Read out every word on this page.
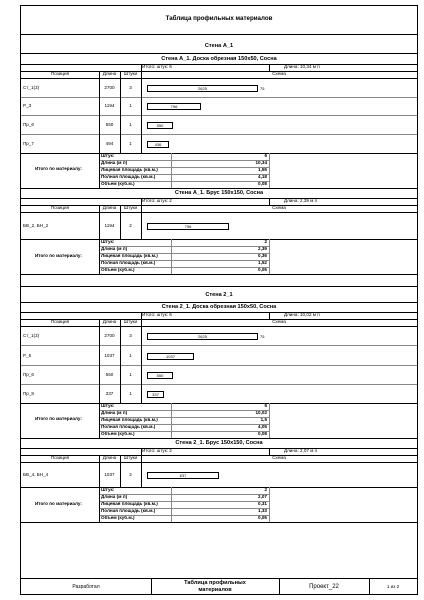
Таблица профильных материалов
Стена А_1
Стена А_1. Доска обрезная 150х50, Сосна
Итого: штук: 6	Длина: 10,34 м п
Позиция	Длина	Штуки	Схема
Ст_1(3)	2700	3	2625	75
Р_3	1194	1	796
Пр_6	550	1	550
Пр_7	494	1	436
Итого по материалу:
Штук:	6
Длина (м п)	10,34
Лицевая площадь (кв.м.)	1,55
Полная площадь (кв.м.)	4,18
Объем (куб.м.)	0,08
Стена А_1. Брус 150х150, Сосна
Итого: штук: 2	Длина: 2,39 м п
Позиция	Длина	Штуки	Схема
БВ_2, БН_2	1194	2	796
Итого по материалу:
Штук:	2
Длина (м п)	2,39
Лицевая площадь (кв.м.)	0,36
Полная площадь (кв.м.)	1,52
Объем (куб.м.)	0,05
Стена 2_1
Стена 2_1. Доска обрезная 150х50, Сосна
Итого: штук: 6	Длина: 10,02 м п
Позиция	Длина	Штуки	Схема
Ст_1(3)	2700	3	2625	75
Р_5	1037	1	1037
Пр_6	550	1	550
Пр_8	337	1	337
Итого по материалу:
Штук:	6
Длина (м п)	10,02
Лицевая площадь (кв.м.)	1,5
Полная площадь (кв.м.)	4,05
Объем (куб.м.)	0,08
Стена 2_1. Брус 150х150, Сосна
Итого: штук: 2	Длина: 2,07 м п
Позиция	Длина	Штуки	Схема
БВ_4, БН_4	1037	2	637
Итого по материалу:
Штук:	2
Длина (м п)	2,07
Лицевая площадь (кв.м.)	0,31
Полная площадь (кв.м.)	1,33
Объем (куб.м.)	0,05
Разработал
Таблица профильных
материалов	Проект_22	1 из 2
